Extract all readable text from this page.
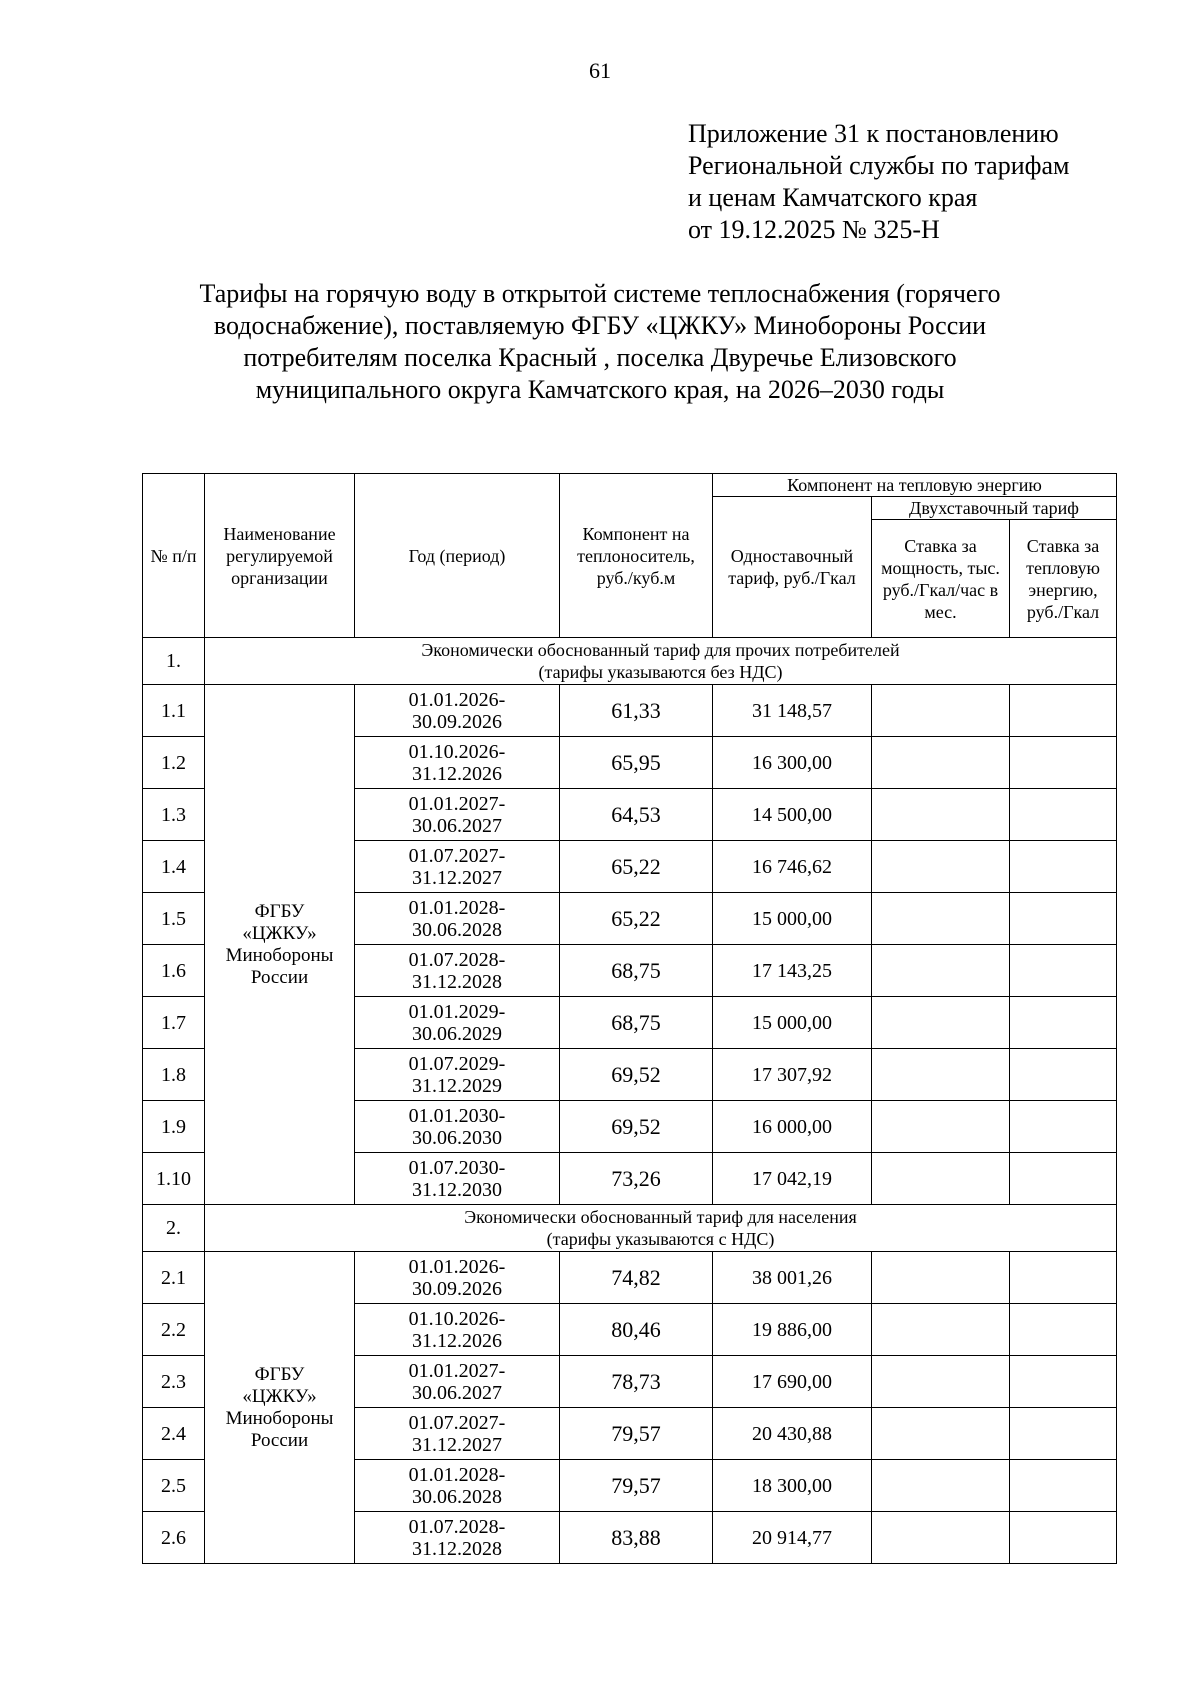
61
Приложение 31 к постановлению
Региональной службы по тарифам
и ценам Камчатского края
от 19.12.2025 № 325-Н
Тарифы на горячую воду в открытой системе теплоснабжения (горячего
водоснабжение), поставляемую ФГБУ «ЦЖКУ» Минобороны России
потребителям поселка Красный , поселка Двуречье Елизовского
муниципального округа Камчатского края, на 2026–2030 годы
№ п/п	Наименование регулируемой организации	Год (период)	Компонент на теплоноситель, руб./куб.м	Компонент на тепловую энергию		
				Одноставочный тариф, руб./Гкал	Двухставочный тариф	
					Ставка за мощность, тыс. руб./Гкал/час в мес.	Ставка за тепловую энергию, руб./Гкал
1.	Экономически обоснованный тариф для прочих потребителей
(тарифы указываются без НДС)					

1.1	ФГБУ
«ЦЖКУ»
Минобороны
России	01.01.2026-
30.09.2026	61,33	31 148,57		
1.2		01.10.2026-
31.12.2026	65,95	16 300,00		
1.3		01.01.2027-
30.06.2027	64,53	14 500,00		
1.4		01.07.2027-
31.12.2027	65,22	16 746,62		
1.5		01.01.2028-
30.06.2028	65,22	15 000,00		
1.6		01.07.2028-
31.12.2028	68,75	17 143,25		
1.7		01.01.2029-
30.06.2029	68,75	15 000,00		
1.8		01.07.2029-
31.12.2029	69,52	17 307,92		
1.9		01.01.2030-
30.06.2030	69,52	16 000,00		
1.10		01.07.2030-
31.12.2030	73,26	17 042,19		
2.	Экономически обоснованный тариф для населения
(тарифы указываются с НДС)					

2.1	ФГБУ
«ЦЖКУ»
Минобороны
России	01.01.2026-
30.09.2026	74,82	38 001,26		
2.2		01.10.2026-
31.12.2026	80,46	19 886,00		
2.3		01.01.2027-
30.06.2027	78,73	17 690,00		
2.4		01.07.2027-
31.12.2027	79,57	20 430,88		
2.5		01.01.2028-
30.06.2028	79,57	18 300,00		
2.6		01.07.2028-
31.12.2028	83,88	20 914,77		
